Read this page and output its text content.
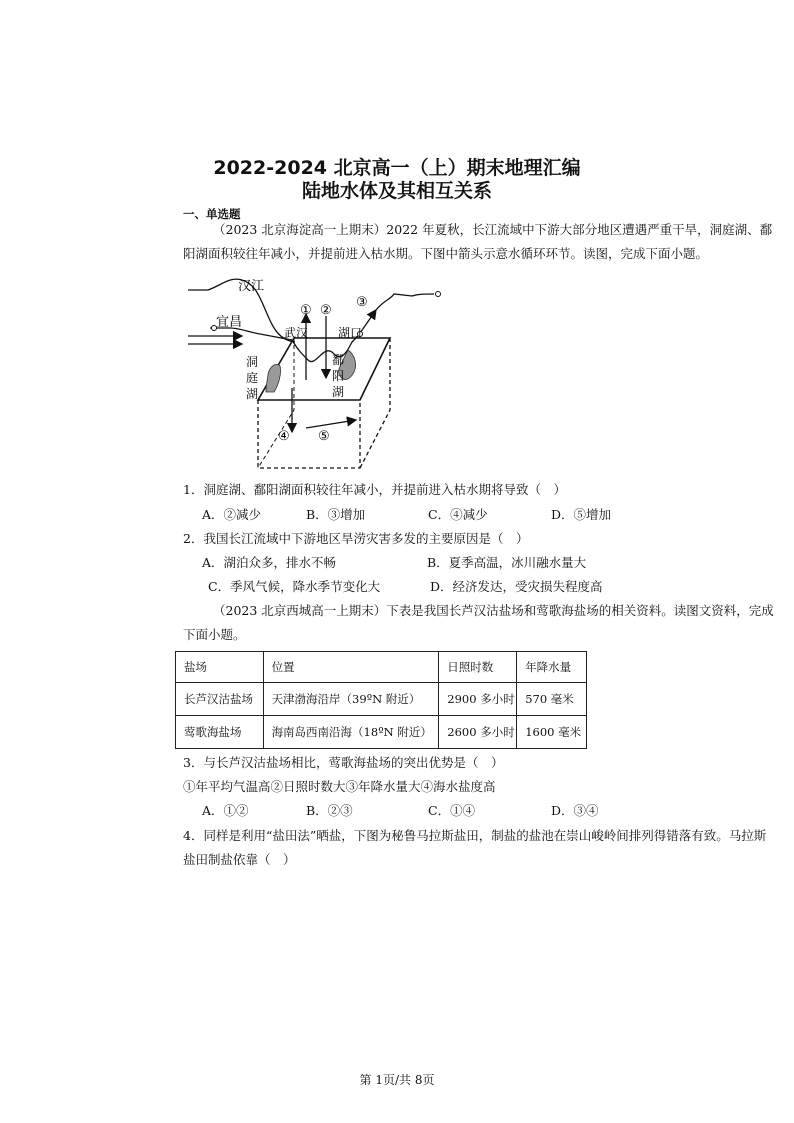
2022-2024 北京高一（上）期末地理汇编
陆地水体及其相互关系
一、单选题
（2023 北京海淀高一上期末）2022 年夏秋，长江流域中下游大部分地区遭遇严重干旱，洞庭湖、鄱
阳湖面积较往年减小，并提前进入枯水期。下图中箭头示意水循环环节。读图，完成下面小题。
汉江
宜昌
武汉 湖口
洞
庭
湖
鄱
阳
湖
① ②
③
④ ⑤
1．洞庭湖、鄱阳湖面积较往年减小，并提前进入枯水期将导致（　）
A．②减少	B．③增加	C．④减少	D．⑤增加
2．我国长江流域中下游地区旱涝灾害多发的主要原因是（　）
A．湖泊众多，排水不畅	B．夏季高温，冰川融水量大
C．季风气候，降水季节变化大	D．经济发达，受灾损失程度高
（2023 北京西城高一上期末）下表是我国长芦汉沽盐场和莺歌海盐场的相关资料。读图文资料，完成
下面小题。
盐场	位置	日照时数	年降水量
长芦汉沽盐场	天津渤海沿岸（39ºN 附近）	2900 多小时	570 毫米
莺歌海盐场	海南岛西南沿海（18ºN 附近）	2600 多小时	1600 毫米
3．与长芦汉沽盐场相比，莺歌海盐场的突出优势是（　）
①年平均气温高②日照时数大③年降水量大④海水盐度高
A．①②	B．②③	C．①④	D．③④
4．同样是利用“盐田法”晒盐，下图为秘鲁马拉斯盐田，制盐的盐池在崇山峻岭间排列得错落有致。马拉斯
盐田制盐依靠（　）
第 1页/共 8页
